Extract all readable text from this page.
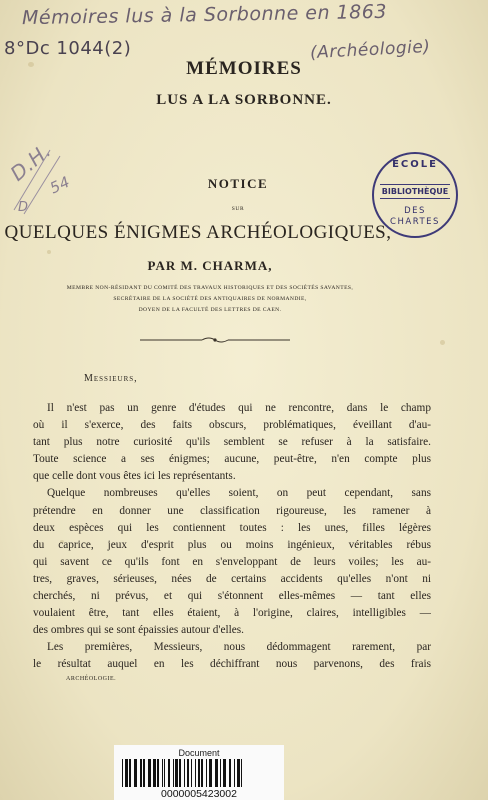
Mémoires lus à la Sorbonne en 1863
8°Dc 1044(2)	(Archéologie)
D.H.
54
D
MÉMOIRES
LUS A LA SORBONNE.
NOTICE
SUR
QUELQUES ÉNIGMES ARCHÉOLOGIQUES,
PAR M. CHARMA,
MEMBRE NON-RÉSIDANT DU COMITÉ DES TRAVAUX HISTORIQUES ET DES SOCIÉTÉS SAVANTES,
SECRÉTAIRE DE LA SOCIÉTÉ DES ANTIQUAIRES DE NORMANDIE,
DOYEN DE LA FACULTÉ DES LETTRES DE CAEN.
ÉCOLE
BIBLIOTHÈQUE
DES
CHARTES
Messieurs,
Il n'est pas un genre d'études qui ne rencontre, dans le champ
où il s'exerce, des faits obscurs, problématiques, éveillant d'au-
tant plus notre curiosité qu'ils semblent se refuser à la satisfaire.
Toute science a ses énigmes; aucune, peut-être, n'en compte plus
que celle dont vous êtes ici les représentants.
Quelque nombreuses qu'elles soient, on peut cependant, sans
prétendre en donner une classification rigoureuse, les ramener à
deux espèces qui les contiennent toutes : les unes, filles légères
du caprice, jeux d'esprit plus ou moins ingénieux, véritables rébus
qui savent ce qu'ils font en s'enveloppant de leurs voiles; les au-
tres, graves, sérieuses, nées de certains accidents qu'elles n'ont ni
cherchés, ni prévus, et qui s'étonnent elles-mêmes — tant elles
voulaient être, tant elles étaient, à l'origine, claires, intelligibles —
des ombres qui se sont épaissies autour d'elles.
Les premières, Messieurs, nous dédommagent rarement, par
le résultat auquel en les déchiffrant nous parvenons, des frais
ARCHÉOLOGIE.
Document
0000005423002
